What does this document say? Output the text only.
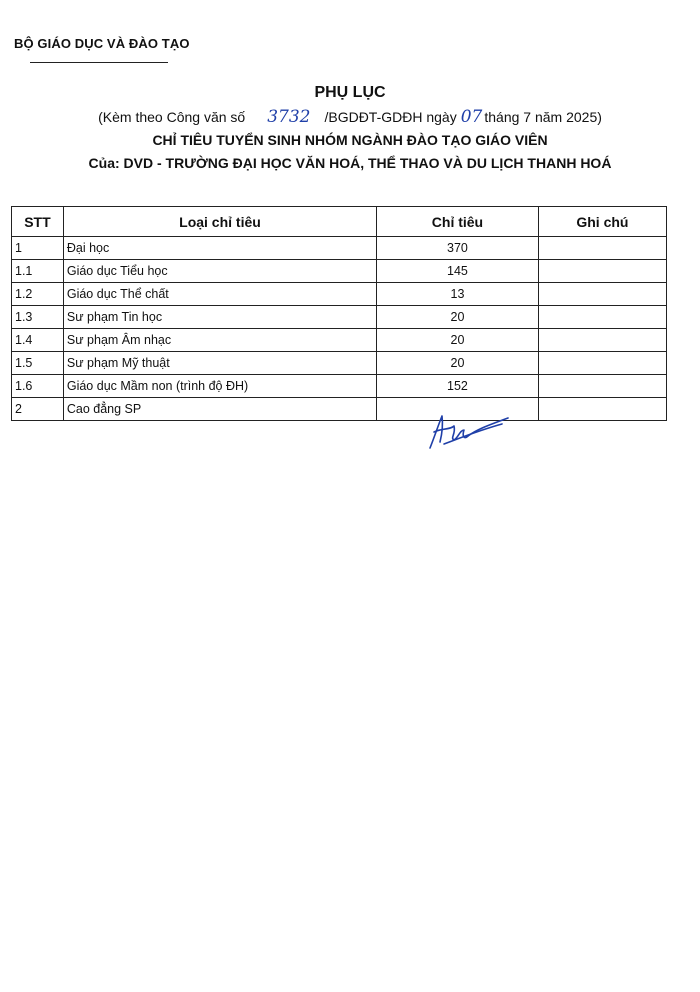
BỘ GIÁO DỤC VÀ ĐÀO TẠO
PHỤ LỤC
(Kèm theo Công văn số 3732 /BGDĐT-GDĐH ngày 07 tháng 7 năm 2025)
CHỈ TIÊU TUYỂN SINH NHÓM NGÀNH ĐÀO TẠO GIÁO VIÊN
Của: DVD - TRƯỜNG ĐẠI HỌC VĂN HOÁ, THỂ THAO VÀ DU LỊCH THANH HOÁ
STT	Loại chỉ tiêu	Chỉ tiêu	Ghi chú
1	Đại học	370	
1.1	Giáo dục Tiểu học	145	
1.2	Giáo dục Thể chất	13	
1.3	Sư phạm Tin học	20	
1.4	Sư phạm Âm nhạc	20	
1.5	Sư phạm Mỹ thuật	20	
1.6	Giáo dục Mầm non (trình độ ĐH)	152	
2	Cao đẳng SP		
